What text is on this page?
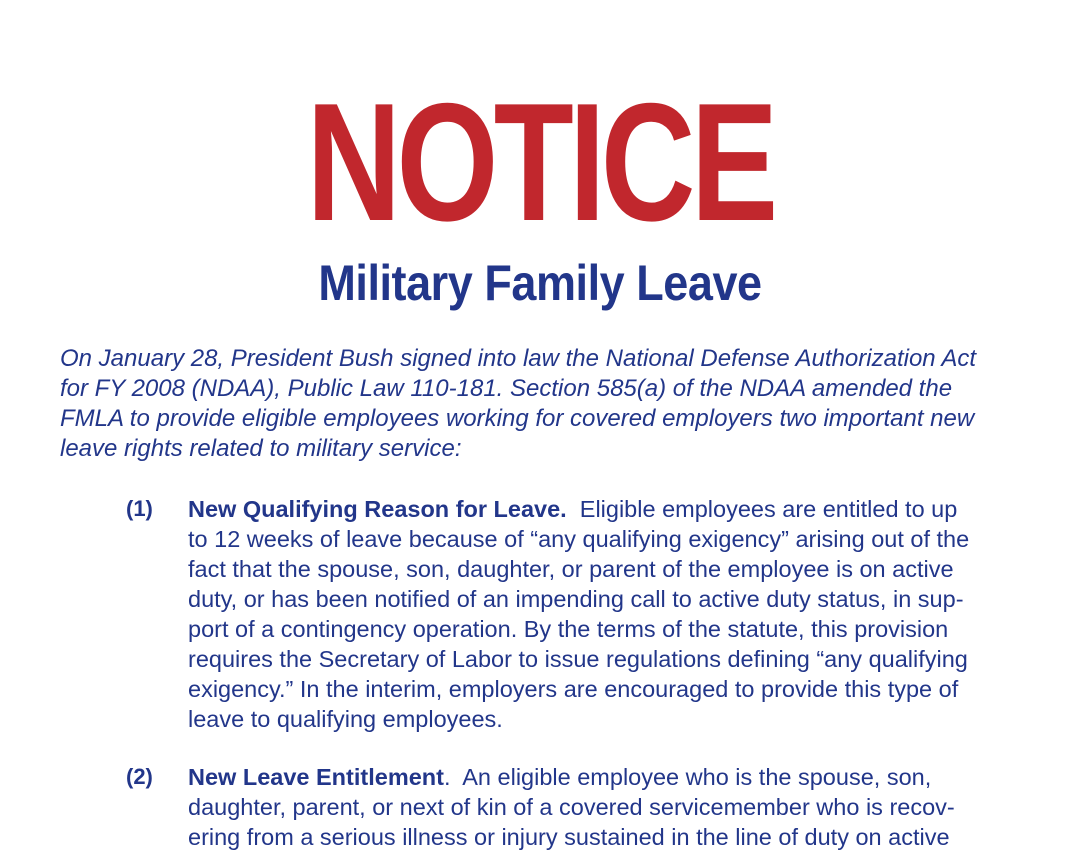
NOTICE
Military Family Leave

On January 28, President Bush signed into law the National Defense Authorization Act
for FY 2008 (NDAA), Public Law 110-181. Section 585(a) of the NDAA amended the
FMLA to provide eligible employees working for covered employers two important new
leave rights related to military service:

(1) New Qualifying Reason for Leave.  Eligible employees are entitled to up
to 12 weeks of leave because of “any qualifying exigency” arising out of the
fact that the spouse, son, daughter, or parent of the employee is on active
duty, or has been notified of an impending call to active duty status, in sup-
port of a contingency operation. By the terms of the statute, this provision
requires the Secretary of Labor to issue regulations defining “any qualifying
exigency.” In the interim, employers are encouraged to provide this type of
leave to qualifying employees.
(2) New Leave Entitlement.  An eligible employee who is the spouse, son,
daughter, parent, or next of kin of a covered servicemember who is recov-
ering from a serious illness or injury sustained in the line of duty on active
